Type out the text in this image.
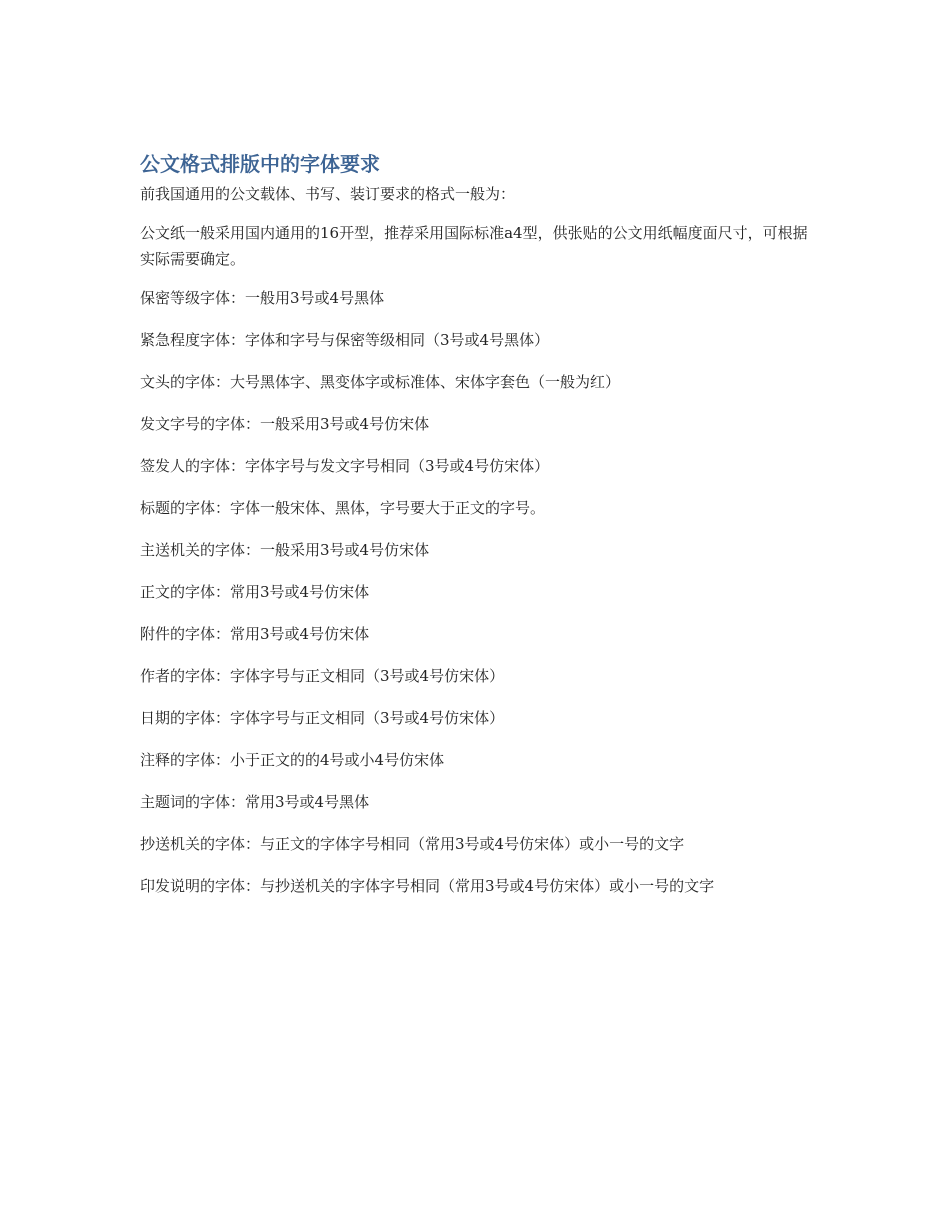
公文格式排版中的字体要求

前我国通用的公文载体、书写、装订要求的格式一般为：

公文纸一般采用国内通用的16开型，推荐采用国际标准a4型，供张贴的公文用纸幅度面尺寸，可根据实际需要确定。

保密等级字体：一般用3号或4号黑体

紧急程度字体：字体和字号与保密等级相同（3号或4号黑体）

文头的字体：大号黑体字、黑变体字或标准体、宋体字套色（一般为红）

发文字号的字体：一般采用3号或4号仿宋体

签发人的字体：字体字号与发文字号相同（3号或4号仿宋体）

标题的字体：字体一般宋体、黑体，字号要大于正文的字号。

主送机关的字体：一般采用3号或4号仿宋体

正文的字体：常用3号或4号仿宋体

附件的字体：常用3号或4号仿宋体

作者的字体：字体字号与正文相同（3号或4号仿宋体）

日期的字体：字体字号与正文相同（3号或4号仿宋体）

注释的字体：小于正文的的4号或小4号仿宋体

主题词的字体：常用3号或4号黑体

抄送机关的字体：与正文的字体字号相同（常用3号或4号仿宋体）或小一号的文字

印发说明的字体：与抄送机关的字体字号相同（常用3号或4号仿宋体）或小一号的文字
